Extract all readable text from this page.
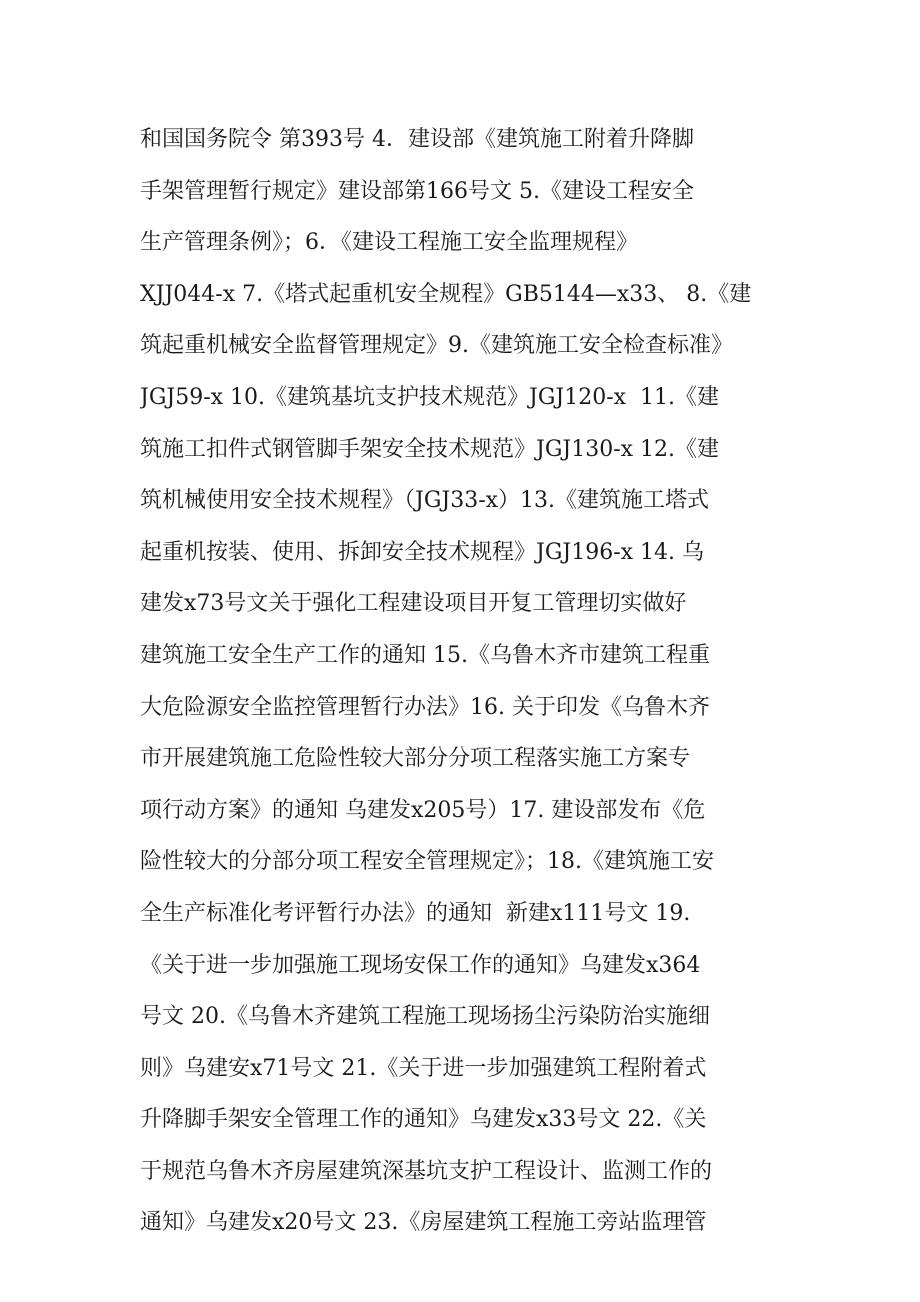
和国国务院令 第393号 4．建设部《建筑施工附着升降脚
手架管理暂行规定》建设部第166号文 5.《建设工程安全
生产管理条例》；6．《建设工程施工安全监理规程》
XJJ044-x 7.《塔式起重机安全规程》GB5144—x33、 8.《建
筑起重机械安全监督管理规定》9.《建筑施工安全检查标准》
JGJ59-x 10.《建筑基坑支护技术规范》JGJ120-x  11.《建
筑施工扣件式钢管脚手架安全技术规范》JGJ130-x 12.《建
筑机械使用安全技术规程》（JGJ33-x）13.《建筑施工塔式
起重机按装、使用、拆卸安全技术规程》JGJ196-x 14. 乌
建发x73号文关于强化工程建设项目开复工管理切实做好
建筑施工安全生产工作的通知 15.《乌鲁木齐市建筑工程重
大危险源安全监控管理暂行办法》16. 关于印发《乌鲁木齐
市开展建筑施工危险性较大部分分项工程落实施工方案专
项行动方案》的通知 乌建发x205号）17. 建设部发布《危
险性较大的分部分项工程安全管理规定》；18.《建筑施工安
全生产标准化考评暂行办法》的通知  新建x111号文 19.
《关于进一步加强施工现场安保工作的通知》乌建发x364
号文 20.《乌鲁木齐建筑工程施工现场扬尘污染防治实施细
则》乌建安x71号文 21.《关于进一步加强建筑工程附着式
升降脚手架安全管理工作的通知》乌建发x33号文 22.《关
于规范乌鲁木齐房屋建筑深基坑支护工程设计、监测工作的
通知》乌建发x20号文 23.《房屋建筑工程施工旁站监理管
